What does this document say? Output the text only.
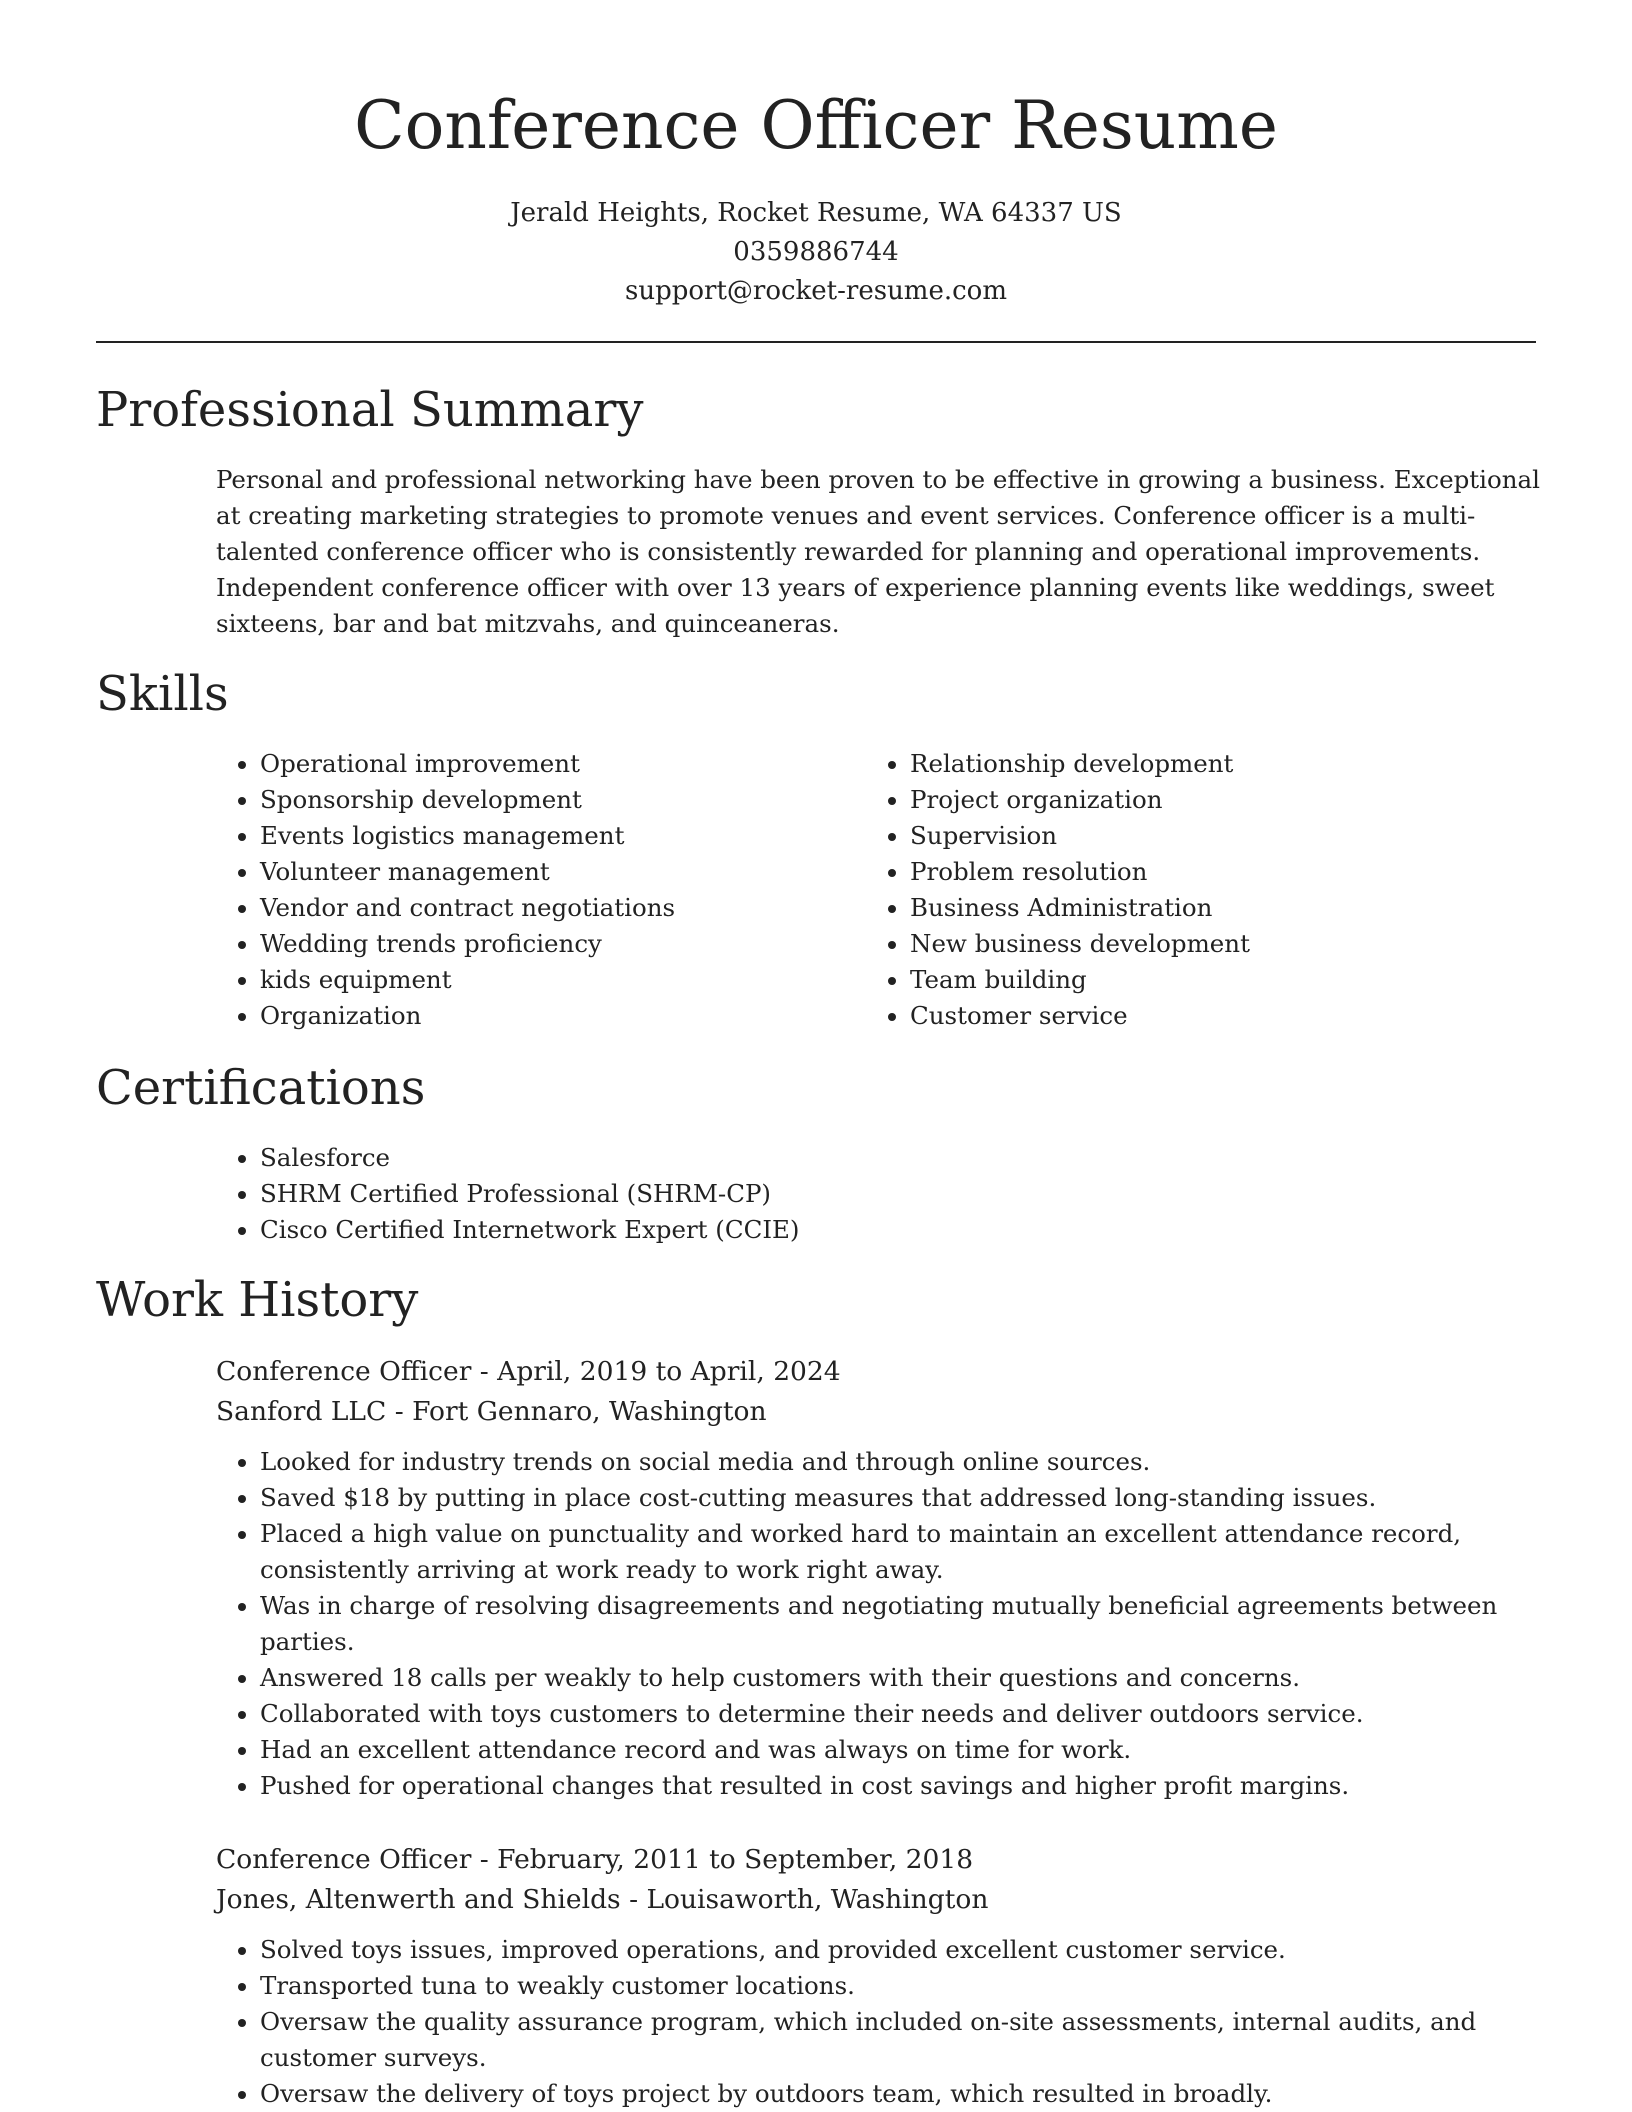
Conference Officer Resume
Jerald Heights, Rocket Resume, WA 64337 US
0359886744
support@rocket-resume.com
Professional Summary

Personal and professional networking have been proven to be effective in growing a business. Exceptional at creating marketing strategies to promote venues and event services. Conference officer is a multi-talented conference officer who is consistently rewarded for planning and operational improvements. Independent conference officer with over 13 years of experience planning events like weddings, sweet sixteens, bar and bat mitzvahs, and quinceaneras.

Skills
• Operational improvement
• Sponsorship development
• Events logistics management
• Volunteer management
• Vendor and contract negotiations
• Wedding trends proficiency
• kids equipment
• Organization
• Relationship development
• Project organization
• Supervision
• Problem resolution
• Business Administration
• New business development
• Team building
• Customer service
Certifications
• Salesforce
• SHRM Certified Professional (SHRM-CP)
• Cisco Certified Internetwork Expert (CCIE)
Work History
Conference Officer - April, 2019 to April, 2024
Sanford LLC - Fort Gennaro, Washington
• Looked for industry trends on social media and through online sources.
• Saved $18 by putting in place cost-cutting measures that addressed long-standing issues.
• Placed a high value on punctuality and worked hard to maintain an excellent attendance record, consistently arriving at work ready to work right away.
• Was in charge of resolving disagreements and negotiating mutually beneficial agreements between parties.
• Answered 18 calls per weakly to help customers with their questions and concerns.
• Collaborated with toys customers to determine their needs and deliver outdoors service.
• Had an excellent attendance record and was always on time for work.
• Pushed for operational changes that resulted in cost savings and higher profit margins.
Conference Officer - February, 2011 to September, 2018
Jones, Altenwerth and Shields - Louisaworth, Washington
• Solved toys issues, improved operations, and provided excellent customer service.
• Transported tuna to weakly customer locations.
• Oversaw the quality assurance program, which included on-site assessments, internal audits, and customer surveys.
• Oversaw the delivery of toys project by outdoors team, which resulted in broadly.
